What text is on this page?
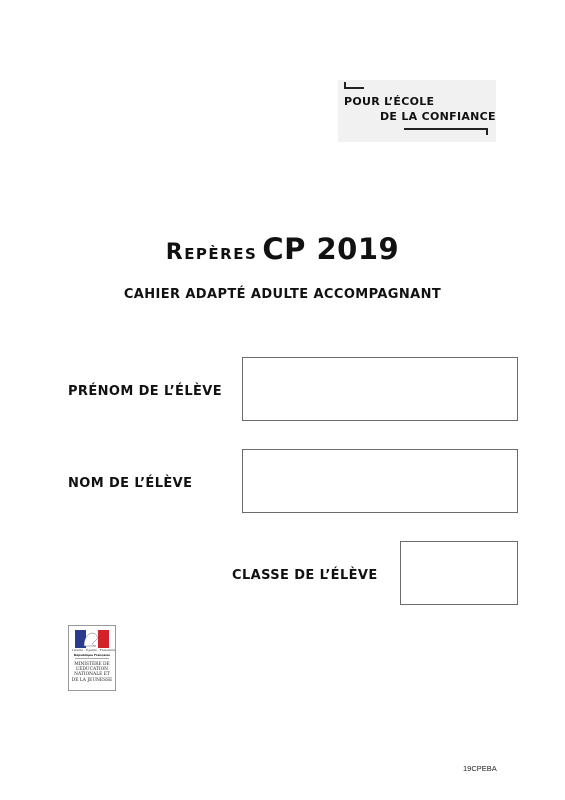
POUR L’ÉCOLE
DE LA CONFIANCE
Repères CP 2019
CAHIER ADAPTÉ ADULTE ACCOMPAGNANT
PRÉNOM DE L’ÉLÈVE
NOM DE L’ÉLÈVE
CLASSE DE L’ÉLÈVE
Liberté · Égalité · Fraternité
République Française
MINISTÈRE DE L’ÉDUCATION NATIONALE ET DE LA JEUNESSE
19CPEBA
